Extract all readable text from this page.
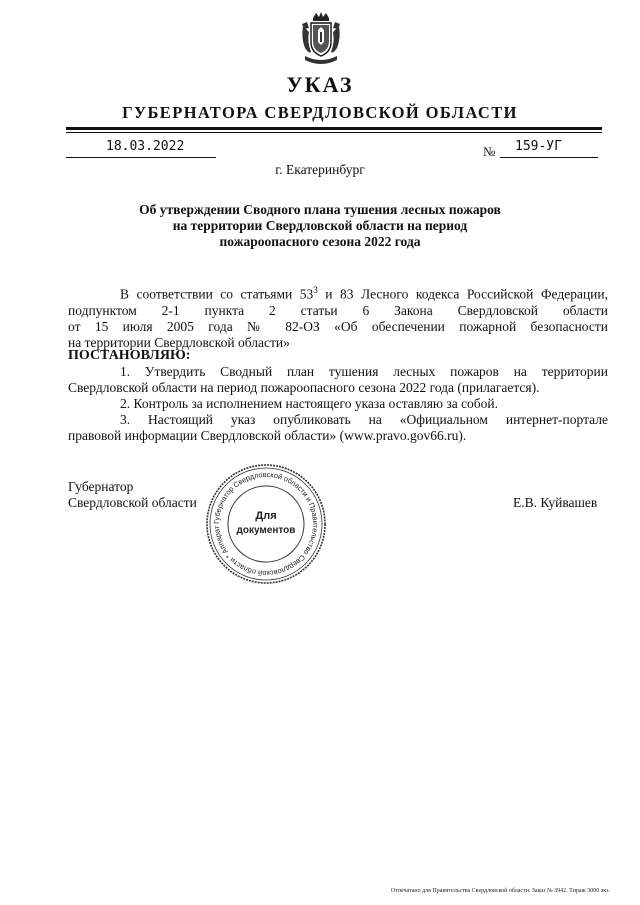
УКАЗ
ГУБЕРНАТОРА СВЕРДЛОВСКОЙ ОБЛАСТИ
18.03.2022	№ 159-УГ
г. Екатеринбург
Об утверждении Сводного плана тушения лесных пожаров
на территории Свердловской области на период
пожароопасного сезона 2022 года
В соответствии со статьями $53^3$ и 83 Лесного кодекса Российской Федерации,
подпунктом 2-1 пункта 2 статьи 6 Закона Свердловской области
от 15 июля 2005 года № 82-ОЗ «Об обеспечении пожарной безопасности
на территории Свердловской области»
ПОСТАНОВЛЯЮ:
1. Утвердить Сводный план тушения лесных пожаров на территории
Свердловской области на период пожароопасного сезона 2022 года (прилагается).
2. Контроль за исполнением настоящего указа оставляю за собой.
3. Настоящий указ опубликовать на «Официальном интернет-портале
правовой информации Свердловской области» (www.pravo.gov66.ru).
Губернатор
Свердловской области	Е.В. Куйвашев
Губернатор Свердловской области и Правительство Свердловской области * Аппарат
Для
документов
Отпечатано для Правительства Свердловской области. Заказ № 3942. Тираж 3000 экз.
